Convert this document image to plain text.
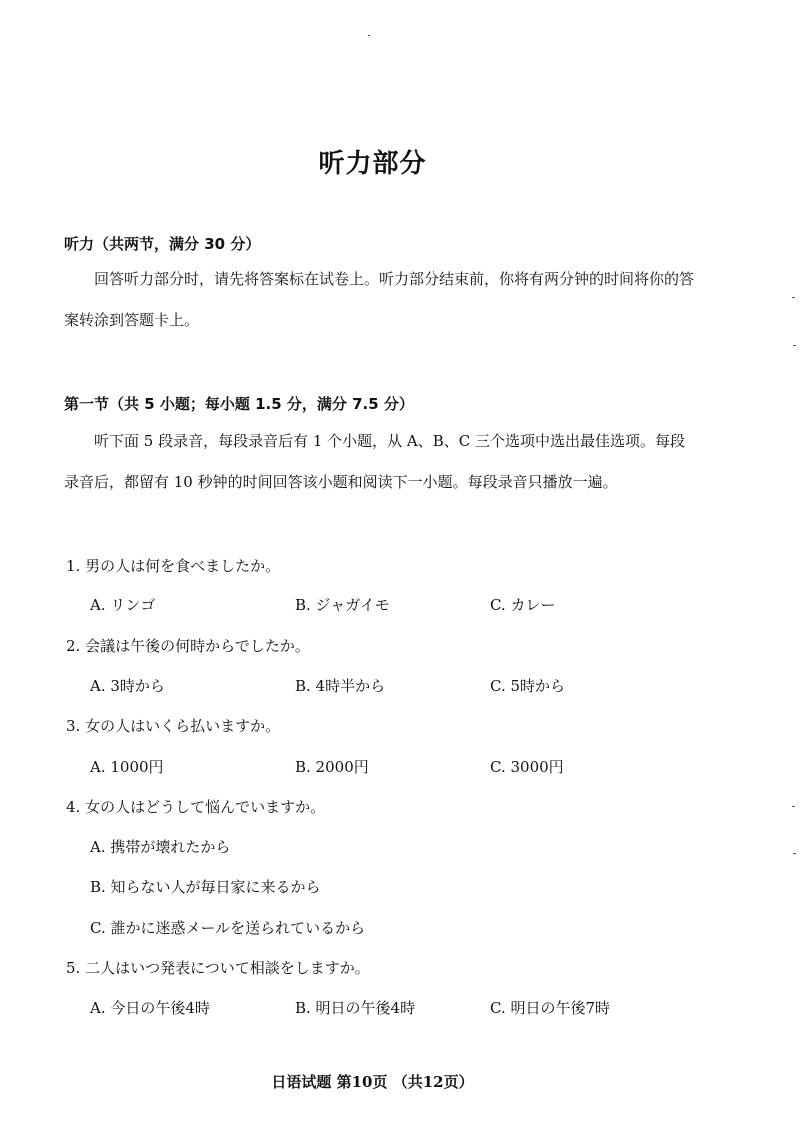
听力部分
听力（共两节，满分 30 分）

回答听力部分时，请先将答案标在试卷上。听力部分结束前，你将有两分钟的时间将你的答案转涂到答题卡上。

第一节（共 5 小题；每小题 1.5 分，满分 7.5 分）

听下面 5 段录音，每段录音后有 1 个小题，从 A、B、C 三个选项中选出最佳选项。每段录音后，都留有 10 秒钟的时间回答该小题和阅读下一小题。每段录音只播放一遍。

1. 男の人は何を食べましたか。
A. リンゴ	B. ジャガイモ	C. カレー
2. 会議は午後の何時からでしたか。
A. 3時から	B. 4時半から	C. 5時から
3. 女の人はいくら払いますか。
A. 1000円	B. 2000円	C. 3000円
4. 女の人はどうして悩んでいますか。
A. 携帯が壊れたから
B. 知らない人が毎日家に来るから
C. 誰かに迷惑メールを送られているから
5. 二人はいつ発表について相談をしますか。
A. 今日の午後4時	B. 明日の午後4時	C. 明日の午後7時
日语试题 第10页 （共12页）
